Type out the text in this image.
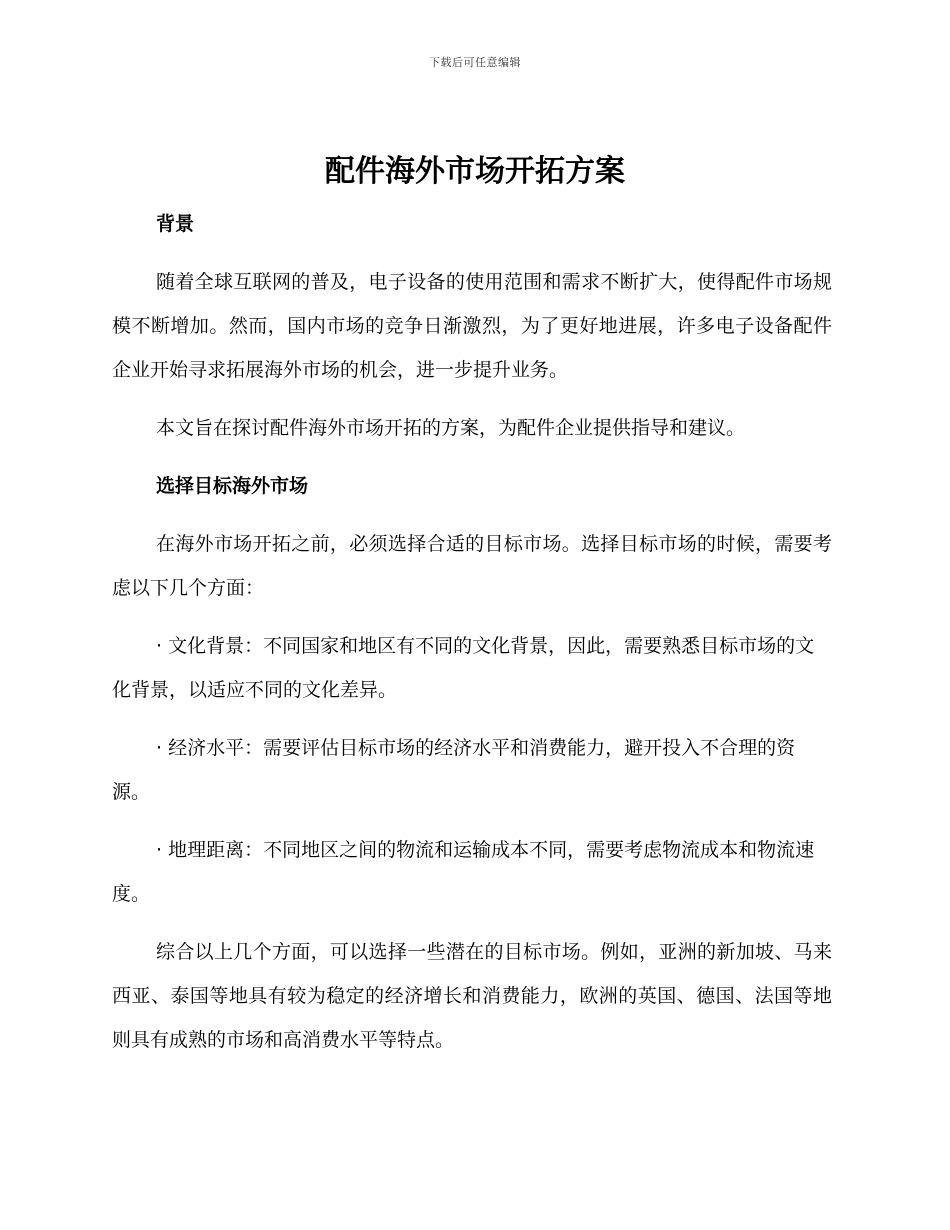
下载后可任意编辑
配件海外市场开拓方案

背景

随着全球互联网的普及，电子设备的使用范围和需求不断扩大，使得配件市场规模不断增加。然而，国内市场的竞争日渐激烈，为了更好地进展，许多电子设备配件企业开始寻求拓展海外市场的机会，进一步提升业务。

本文旨在探讨配件海外市场开拓的方案，为配件企业提供指导和建议。

选择目标海外市场

在海外市场开拓之前，必须选择合适的目标市场。选择目标市场的时候，需要考虑以下几个方面：

· 文化背景：不同国家和地区有不同的文化背景，因此，需要熟悉目标市场的文化背景，以适应不同的文化差异。

· 经济水平：需要评估目标市场的经济水平和消费能力，避开投入不合理的资源。

· 地理距离：不同地区之间的物流和运输成本不同，需要考虑物流成本和物流速度。

综合以上几个方面，可以选择一些潜在的目标市场。例如，亚洲的新加坡、马来西亚、泰国等地具有较为稳定的经济增长和消费能力，欧洲的英国、德国、法国等地则具有成熟的市场和高消费水平等特点。
